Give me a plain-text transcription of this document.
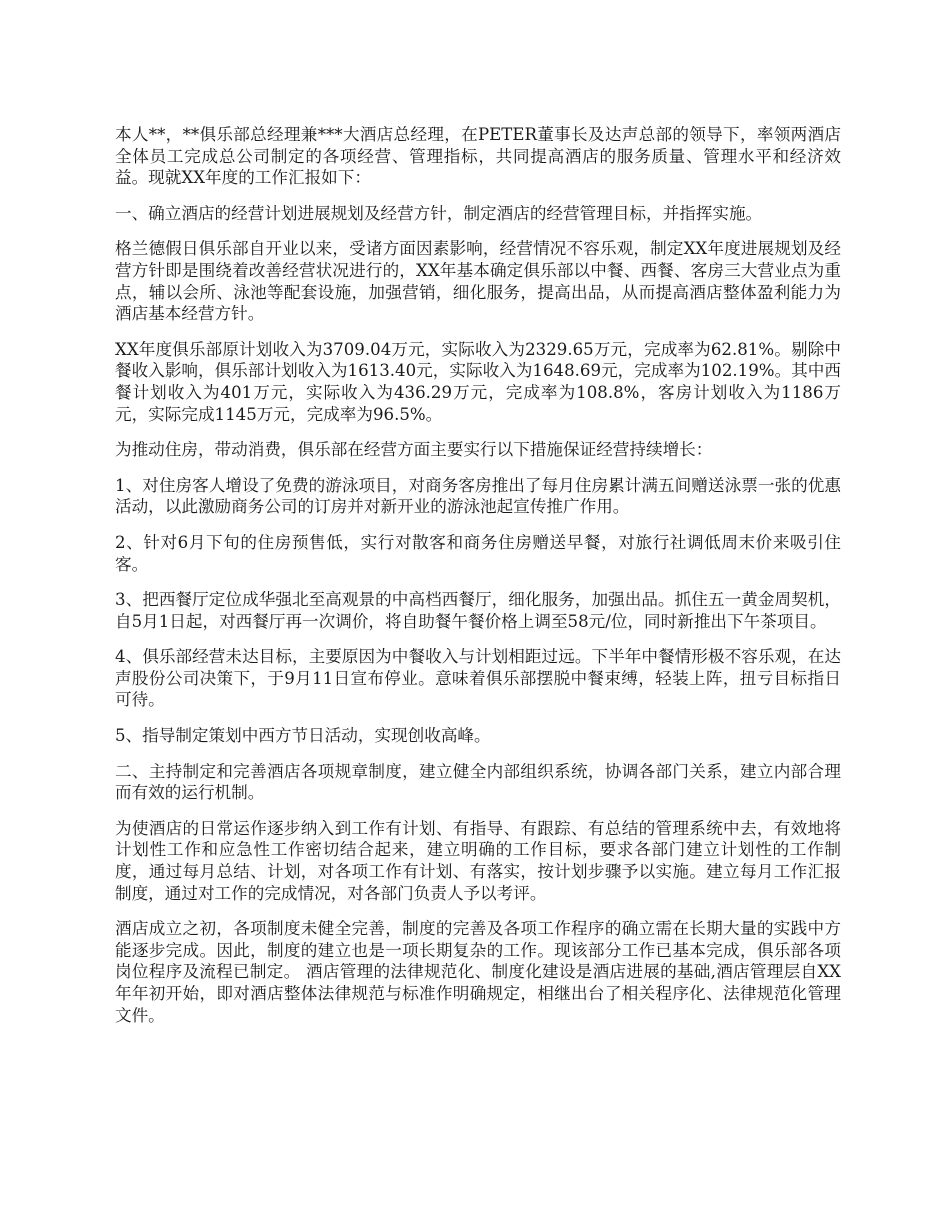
本人**，**俱乐部总经理兼***大酒店总经理，在PETER董事长及达声总部的领导下，率领两酒店全体员工完成总公司制定的各项经营、管理指标，共同提高酒店的服务质量、管理水平和经济效益。现就XX年度的工作汇报如下：

一、确立酒店的经营计划进展规划及经营方针，制定酒店的经营管理目标，并指挥实施。

格兰德假日俱乐部自开业以来，受诸方面因素影响，经营情况不容乐观，制定XX年度进展规划及经营方针即是围绕着改善经营状况进行的，XX年基本确定俱乐部以中餐、西餐、客房三大营业点为重点，辅以会所、泳池等配套设施，加强营销，细化服务，提高出品，从而提高酒店整体盈利能力为酒店基本经营方针。

XX年度俱乐部原计划收入为3709.04万元，实际收入为2329.65万元，完成率为62.81%。剔除中餐收入影响，俱乐部计划收入为1613.40元，实际收入为1648.69元，完成率为102.19%。其中西餐计划收入为401万元，实际收入为436.29万元，完成率为108.8%，客房计划收入为1186万元，实际完成1145万元，完成率为96.5%。

为推动住房，带动消费，俱乐部在经营方面主要实行以下措施保证经营持续增长：

1、对住房客人增设了免费的游泳项目，对商务客房推出了每月住房累计满五间赠送泳票一张的优惠活动，以此激励商务公司的订房并对新开业的游泳池起宣传推广作用。

2、针对6月下旬的住房预售低，实行对散客和商务住房赠送早餐，对旅行社调低周末价来吸引住客。

3、把西餐厅定位成华强北至高观景的中高档西餐厅，细化服务，加强出品。抓住五一黄金周契机，自5月1日起，对西餐厅再一次调价，将自助餐午餐价格上调至58元/位，同时新推出下午茶项目。

4、俱乐部经营未达目标，主要原因为中餐收入与计划相距过远。下半年中餐情形极不容乐观，在达声股份公司决策下，于9月11日宣布停业。意味着俱乐部摆脱中餐束缚，轻装上阵，扭亏目标指日可待。

5、指导制定策划中西方节日活动，实现创收高峰。

二、主持制定和完善酒店各项规章制度，建立健全内部组织系统，协调各部门关系，建立内部合理而有效的运行机制。

为使酒店的日常运作逐步纳入到工作有计划、有指导、有跟踪、有总结的管理系统中去，有效地将计划性工作和应急性工作密切结合起来，建立明确的工作目标，要求各部门建立计划性的工作制度，通过每月总结、计划，对各项工作有计划、有落实，按计划步骤予以实施。建立每月工作汇报制度，通过对工作的完成情况，对各部门负责人予以考评。

酒店成立之初，各项制度未健全完善，制度的完善及各项工作程序的确立需在长期大量的实践中方能逐步完成。因此，制度的建立也是一项长期复杂的工作。现该部分工作已基本完成，俱乐部各项岗位程序及流程已制定。 酒店管理的法律规范化、制度化建设是酒店进展的基础,酒店管理层自XX年年初开始，即对酒店整体法律规范与标准作明确规定，相继出台了相关程序化、法律规范化管理文件。
